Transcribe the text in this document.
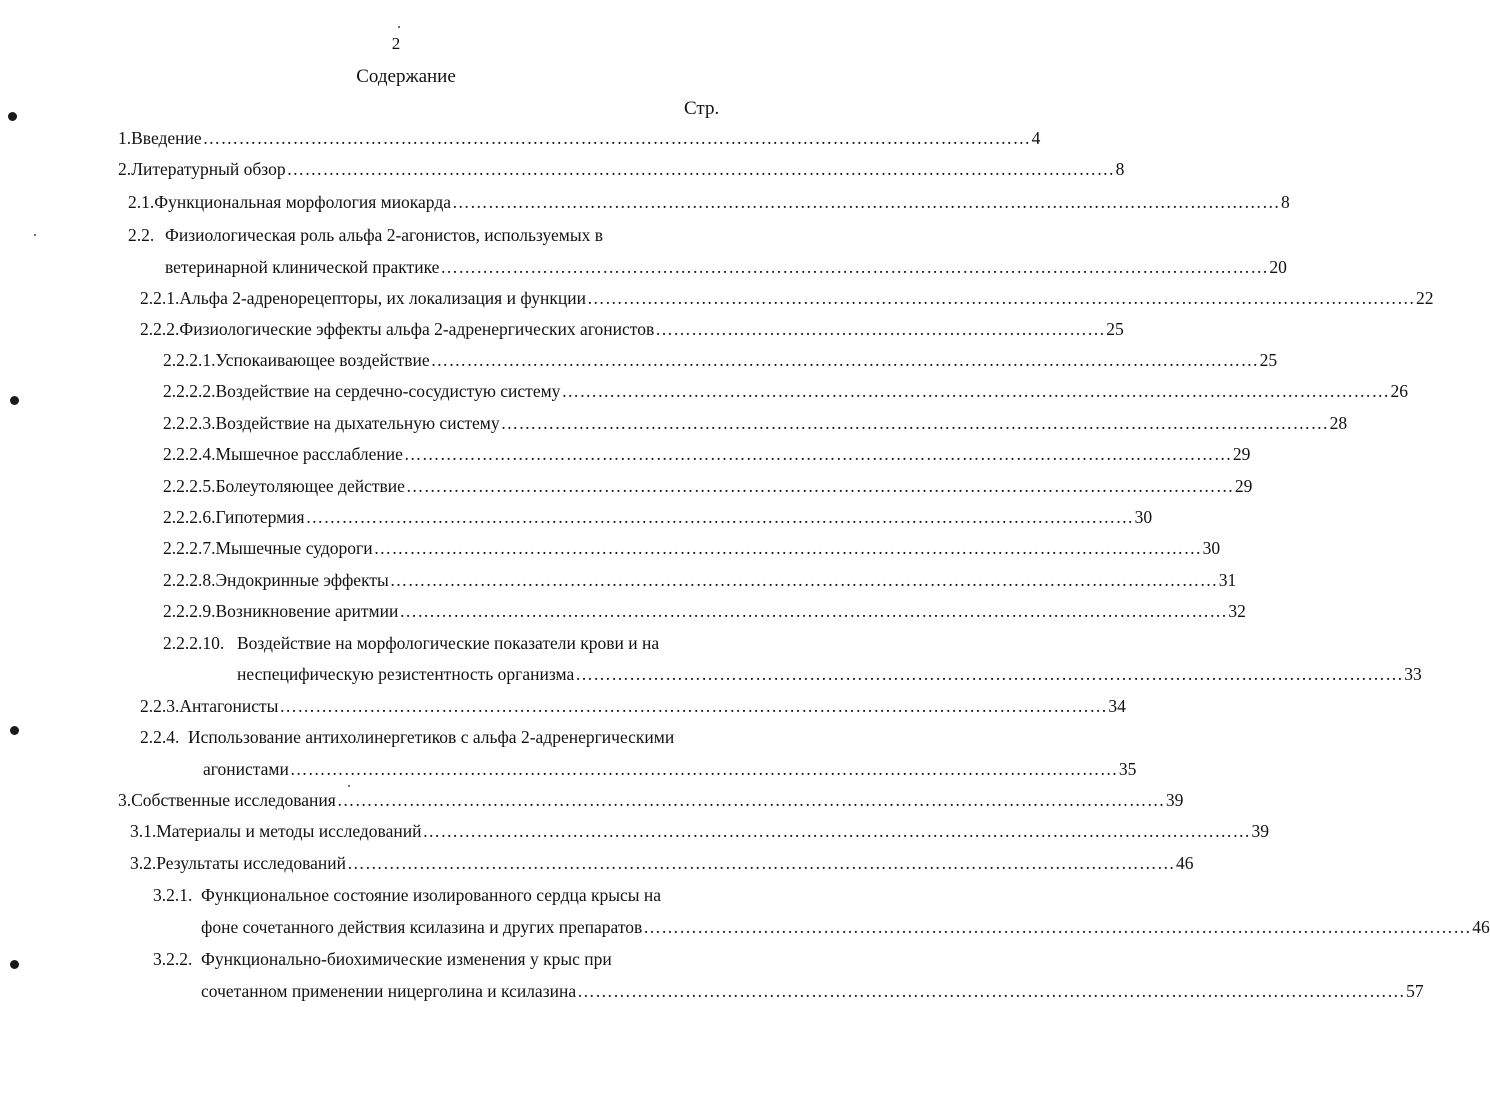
2
Содержание
Стр.
1. Введение ………………………………………………………………………………………………………………………… 4
2. Литературный обзор ………………………………………………………………………………………………………………………… 8
2.1. Функциональная морфология миокарда ………………………………………………………………………………………………………………………… 8
2.2. Физиологическая роль альфа 2-агонистов, используемых в
ветеринарной клинической практике ………………………………………………………………………………………………………………………… 20
2.2.1. Альфа 2-адренорецепторы, их локализация и функции ………………………………………………………………………………………………………………………… 22
2.2.2. Физиологические эффекты альфа 2-адренергических агонистов ………………………………………………………………… 25
2.2.2.1. Успокаивающее воздействие ………………………………………………………………………………………………………………………… 25
2.2.2.2. Воздействие на сердечно-сосудистую систему ………………………………………………………………………………………………………………………… 26
2.2.2.3. Воздействие на дыхательную систему ………………………………………………………………………………………………………………………… 28
2.2.2.4. Мышечное расслабление ………………………………………………………………………………………………………………………… 29
2.2.2.5. Болеутоляющее действие ………………………………………………………………………………………………………………………… 29
2.2.2.6. Гипотермия ………………………………………………………………………………………………………………………… 30
2.2.2.7. Мышечные судороги ………………………………………………………………………………………………………………………… 30
2.2.2.8. Эндокринные эффекты ………………………………………………………………………………………………………………………… 31
2.2.2.9. Возникновение аритмии ………………………………………………………………………………………………………………………… 32
2.2.2.10. Воздействие на морфологические показатели крови и на
неспецифическую резистентность организма ………………………………………………………………………………………………………………………… 33
2.2.3. Антагонисты ………………………………………………………………………………………………………………………… 34
2.2.4. Использование антихолинергетиков с альфа 2-адренергическими
агонистами ………………………………………………………………………………………………………………………… 35
3. Собственные исследования ………………………………………………………………………………………………………………………… 39
3.1. Материалы и методы исследований ………………………………………………………………………………………………………………………… 39
3.2. Результаты исследований ………………………………………………………………………………………………………………………… 46
3.2.1. Функциональное состояние изолированного сердца крысы на
фоне сочетанного действия ксилазина и других препаратов ………………………………………………………………………………………………………………………… 46
3.2.2. Функционально-биохимические изменения у крыс при
сочетанном применении ницерголина и ксилазина ………………………………………………………………………………………………………………………… 57
